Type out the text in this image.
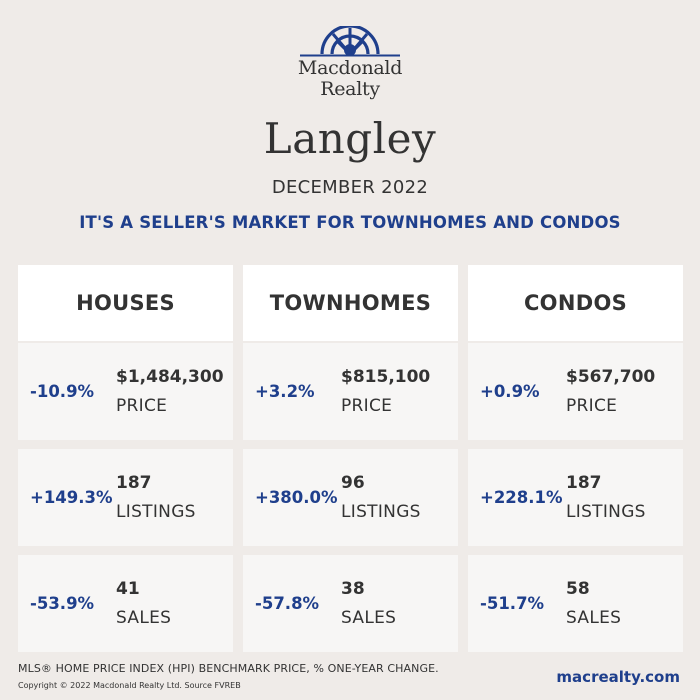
Macdonald
Realty
Langley
DECEMBER 2022
IT'S A SELLER'S MARKET FOR TOWNHOMES AND CONDOS
HOUSES
-10.9%
$1,484,300
PRICE
+149.3%
187
LISTINGS
-53.9%
41
SALES
TOWNHOMES
+3.2%
$815,100
PRICE
+380.0%
96
LISTINGS
-57.8%
38
SALES
CONDOS
+0.9%
$567,700
PRICE
+228.1%
187
LISTINGS
-51.7%
58
SALES
MLS® HOME PRICE INDEX (HPI) BENCHMARK PRICE, % ONE-YEAR CHANGE.
Copyright © 2022 Macdonald Realty Ltd. Source FVREB	macrealty.com
